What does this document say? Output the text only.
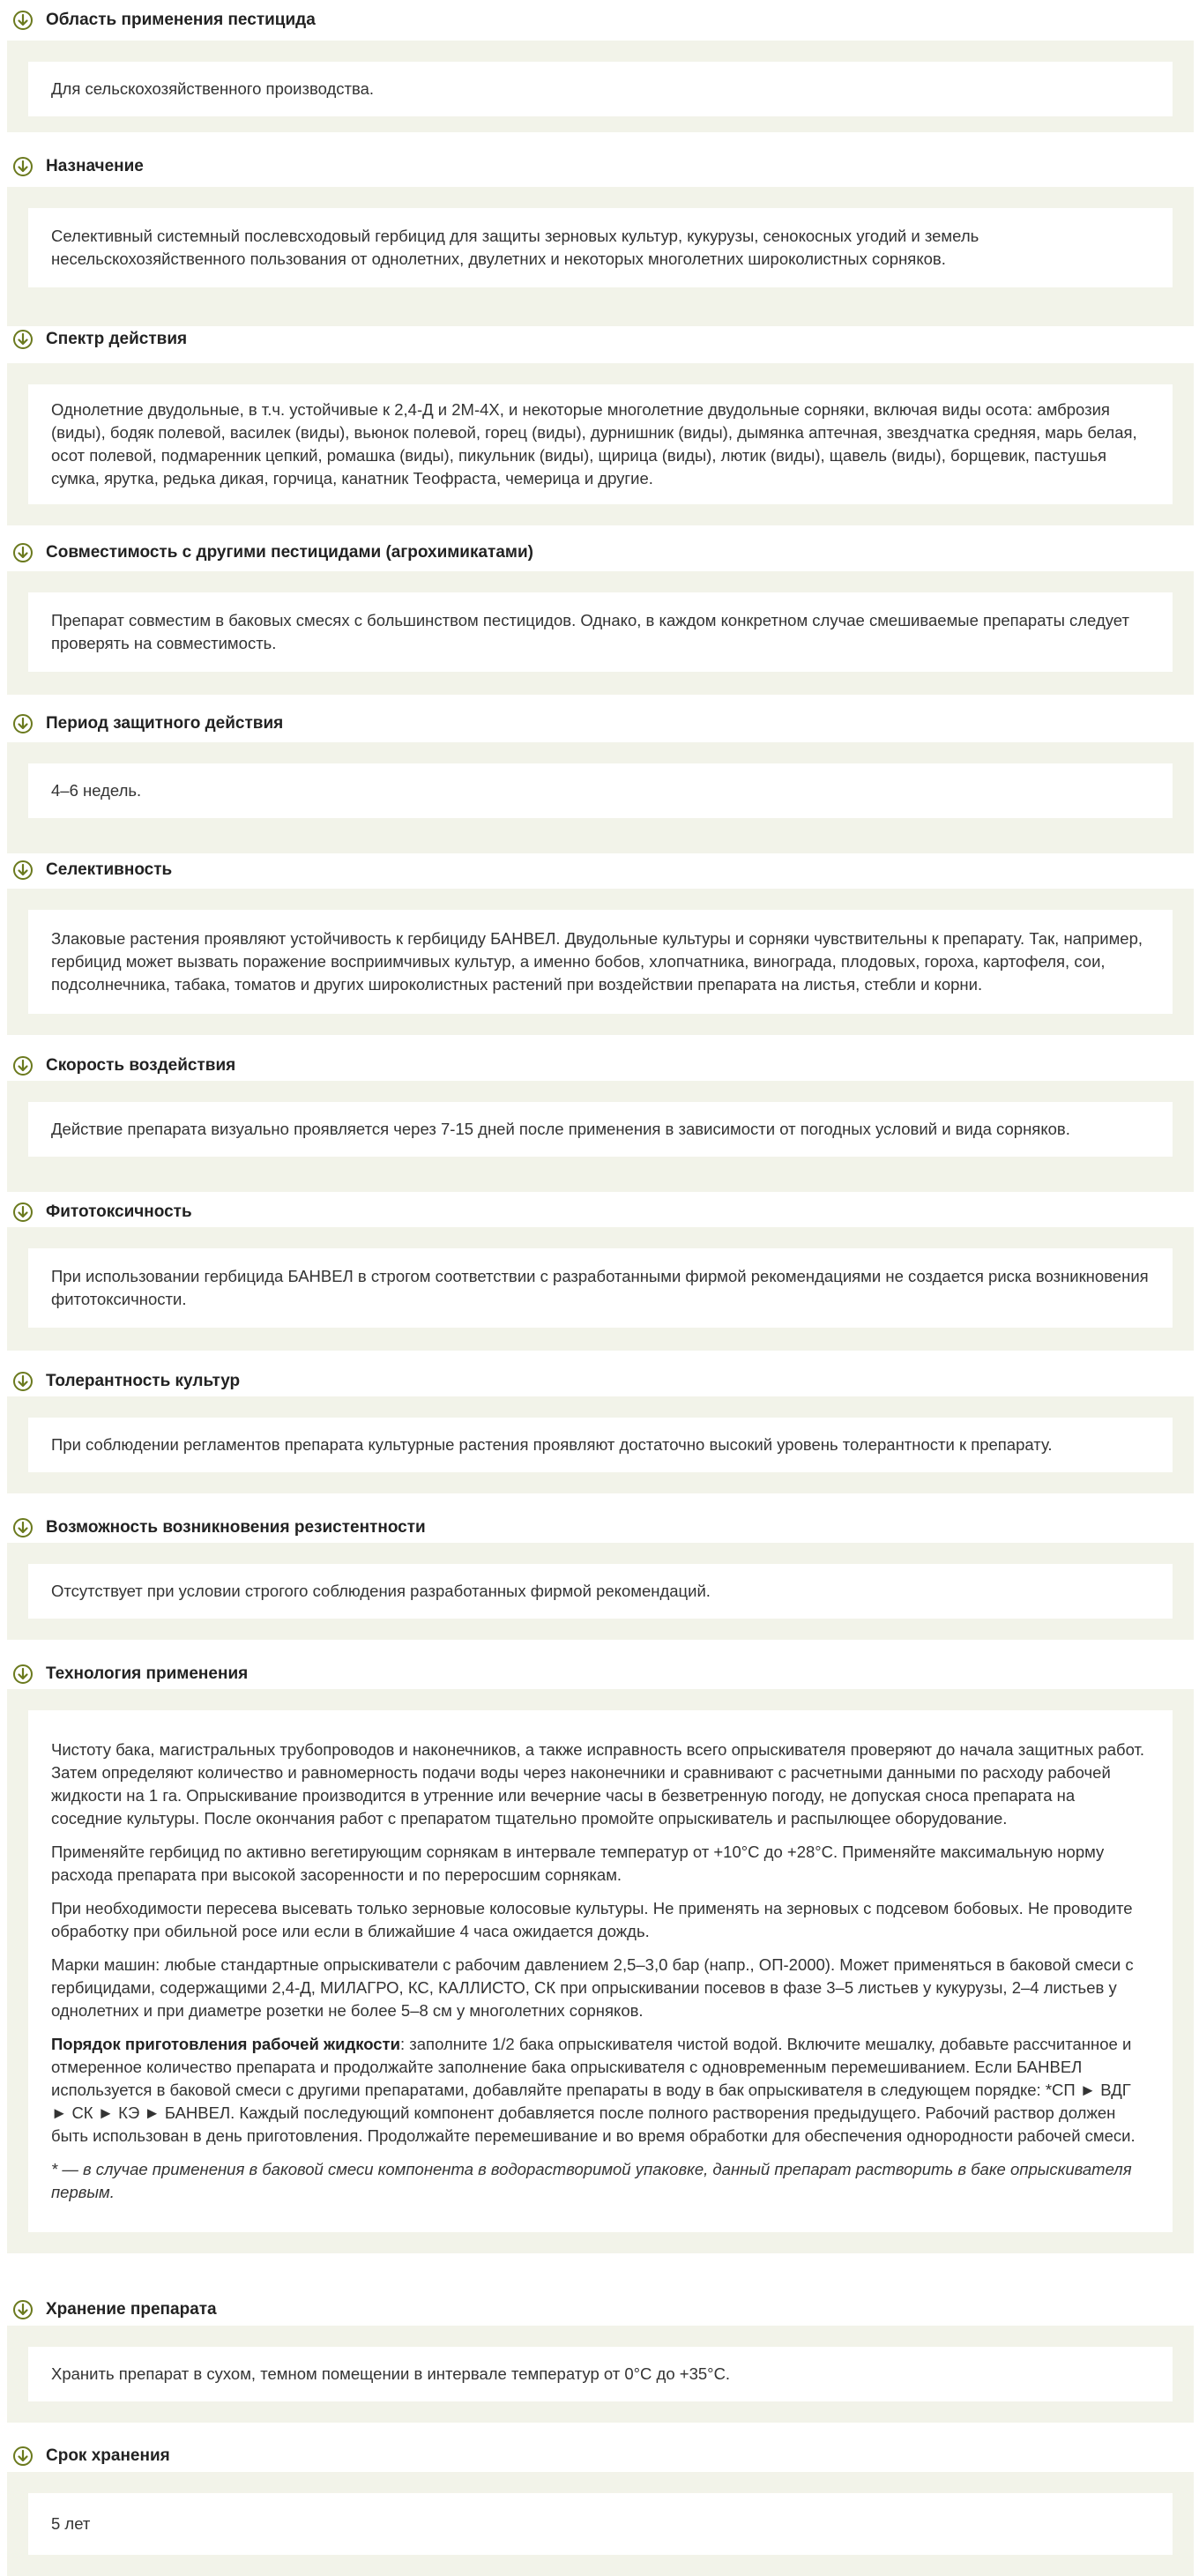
Область применения пестицида

Для сельскохозяйственного производства.

Назначение

Селективный системный послевсходовый гербицид для защиты зерновых культур, кукурузы, сенокосных угодий и земель несельскохозяйственного пользования от однолетних, двулетних и некоторых многолетних широколистных сорняков.

Спектр действия

Однолетние двудольные, в т.ч. устойчивые к 2,4-Д и 2М-4Х, и некоторые многолетние двудольные сорняки, включая виды осота: амброзия (виды), бодяк полевой, василек (виды), вьюнок полевой, горец (виды), дурнишник (виды), дымянка аптечная, звездчатка средняя, марь белая, осот полевой, подмаренник цепкий, ромашка (виды), пикульник (виды), щирица (виды), лютик (виды), щавель (виды), борщевик, пастушья сумка, ярутка, редька дикая, горчица, канатник Теофраста, чемерица и другие.

Совместимость с другими пестицидами (агрохимикатами)

Препарат совместим в баковых смесях с большинством пестицидов. Однако, в каждом конкретном случае смешиваемые препараты следует проверять на совместимость.

Период защитного действия

4–6 недель.

Селективность

Злаковые растения проявляют устойчивость к гербициду БАНВЕЛ. Двудольные культуры и сорняки чувствительны к препарату. Так, например, гербицид может вызвать поражение восприимчивых культур, а именно бобов, хлопчатника, винограда, плодовых, гороха, картофеля, сои, подсолнечника, табака, томатов и других широколистных растений при воздействии препарата на листья, стебли и корни.

Скорость воздействия

Действие препарата визуально проявляется через 7-15 дней после применения в зависимости от погодных условий и вида сорняков.

Фитотоксичность

При использовании гербицида БАНВЕЛ в строгом соответствии с разработанными фирмой рекомендациями не создается риска возникновения фитотоксичности.

Толерантность культур

При соблюдении регламентов препарата культурные растения проявляют достаточно высокий уровень толерантности к препарату.

Возможность возникновения резистентности

Отсутствует при условии строгого соблюдения разработанных фирмой рекомендаций.

Технология применения

Чистоту бака, магистральных трубопроводов и наконечников, а также исправность всего опрыскивателя проверяют до начала защитных работ. Затем определяют количество и равномерность подачи воды через наконечники и сравнивают с расчетными данными по расходу рабочей жидкости на 1 га. Опрыскивание производится в утренние или вечерние часы в безветренную погоду, не допуская сноса препарата на соседние культуры. После окончания работ с препаратом тщательно промойте опрыскиватель и распылющее оборудование.

Применяйте гербицид по активно вегетирующим сорнякам в интервале температур от +10°С до +28°С. Применяйте максимальную норму расхода препарата при высокой засоренности и по переросшим сорнякам.

При необходимости пересева высевать только зерновые колосовые культуры. Не применять на зерновых с подсевом бобовых. Не проводите обработку при обильной росе или если в ближайшие 4 часа ожидается дождь.

Марки машин: любые стандартные опрыскиватели с рабочим давлением 2,5–3,0 бар (напр., ОП-2000). Может применяться в баковой смеси с гербицидами, содержащими 2,4-Д, МИЛАГРО, КС, КАЛЛИСТО, СК при опрыскивании посевов в фазе 3–5 листьев у кукурузы, 2–4 листьев у однолетних и при диаметре розетки не более 5–8 см у многолетних сорняков.

Порядок приготовления рабочей жидкости: заполните 1/2 бака опрыскивателя чистой водой. Включите мешалку, добавьте рассчитанное и отмеренное количество препарата и продолжайте заполнение бака опрыскивателя с одновременным перемешиванием. Если БАНВЕЛ используется в баковой смеси с другими препаратами, добавляйте препараты в воду в бак опрыскивателя в следующем порядке: *СП ► ВДГ ► СК ► КЭ ► БАНВЕЛ. Каждый последующий компонент добавляется после полного растворения предыдущего. Рабочий раствор должен быть использован в день приготовления. Продолжайте перемешивание и во время обработки для обеспечения однородности рабочей смеси.

* — в случае применения в баковой смеси компонента в водорастворимой упаковке, данный препарат растворить в баке опрыскивателя первым.

Хранение препарата

Хранить препарат в сухом, темном помещении в интервале температур от 0°С до +35°С.

Срок хранения

5 лет
